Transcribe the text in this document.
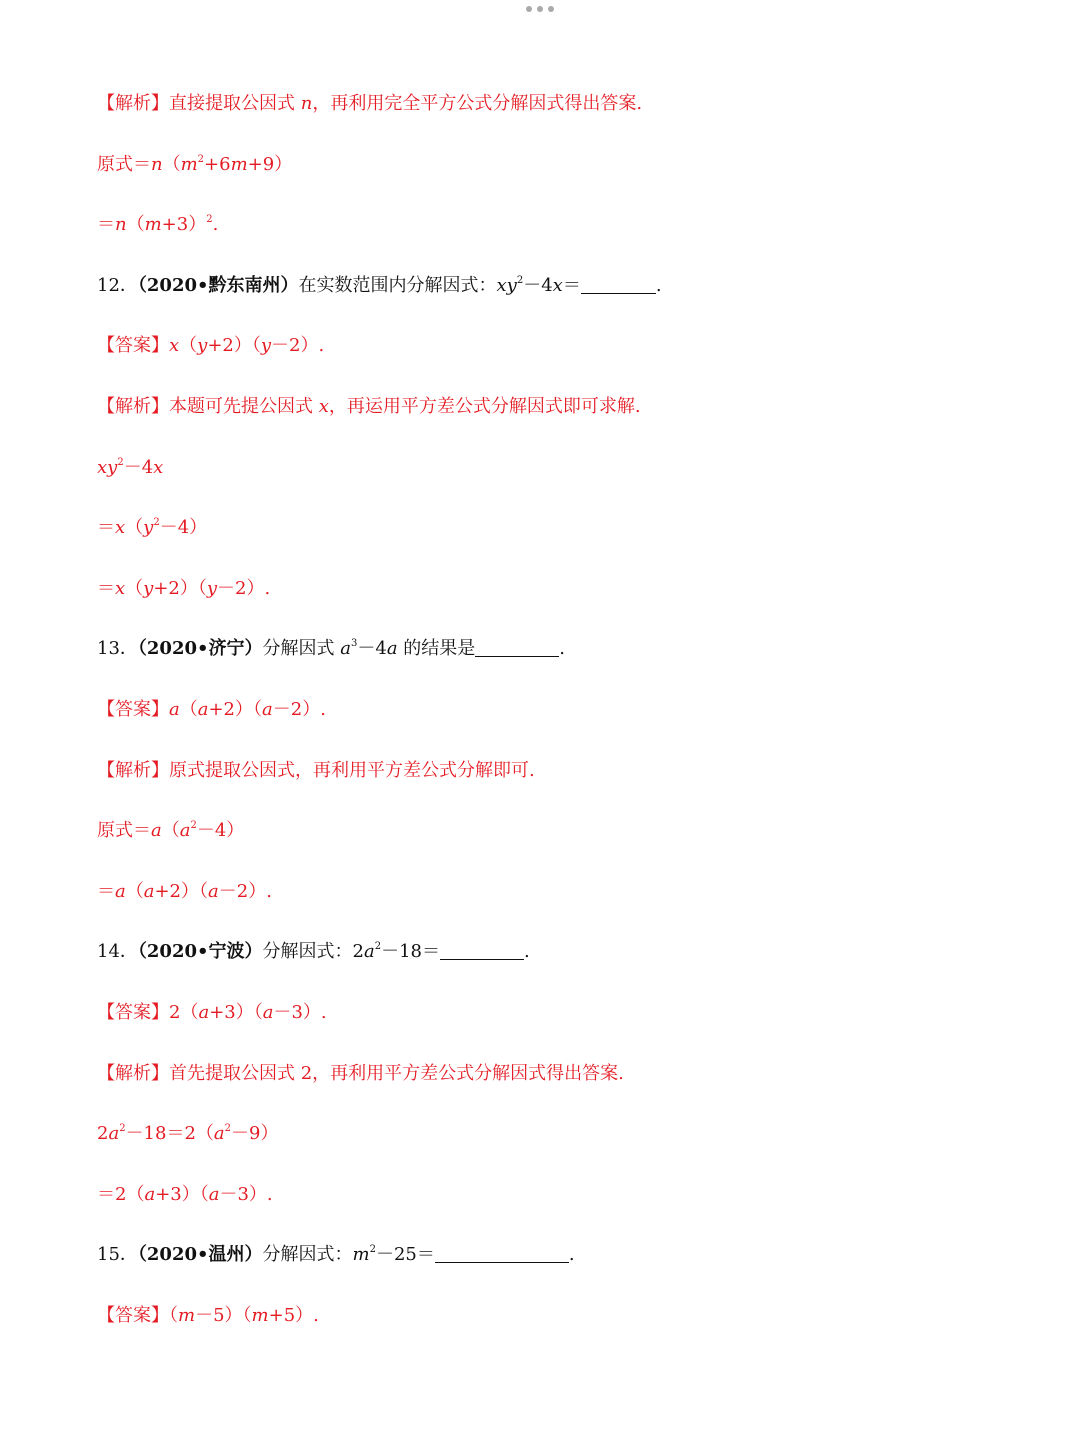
【解析】直接提取公因式 n，再利用完全平方公式分解因式得出答案.
原式$=n(m^2+6m+9)$
$=n(m+3)^2$.
12．（2020•黔东南州）在实数范围内分解因式：$xy^2-4x=$	.
【答案】x（y+2）（y－2）.
【解析】本题可先提公因式 x，再运用平方差公式分解因式即可求解.
$xy^2-4x$
$=x(y^2-4)$
＝x（y+2）（y－2）.
13．（2020•济宁）分解因式 $a^3-4a$ 的结果是	.
【答案】a（a+2）（a－2）.
【解析】原式提取公因式，再利用平方差公式分解即可.
原式$=a(a^2-4)$
＝a（a+2）（a－2）.
14．（2020•宁波）分解因式：$2a^2-18=$	.
【答案】2（a+3）（a－3）.
【解析】首先提取公因式 2，再利用平方差公式分解因式得出答案.
$2a^2-18=2(a^2-9)$
＝2（a+3）（a－3）.
15．（2020•温州）分解因式：$m^2-25=$	.
【答案】（m－5）（m+5）.
